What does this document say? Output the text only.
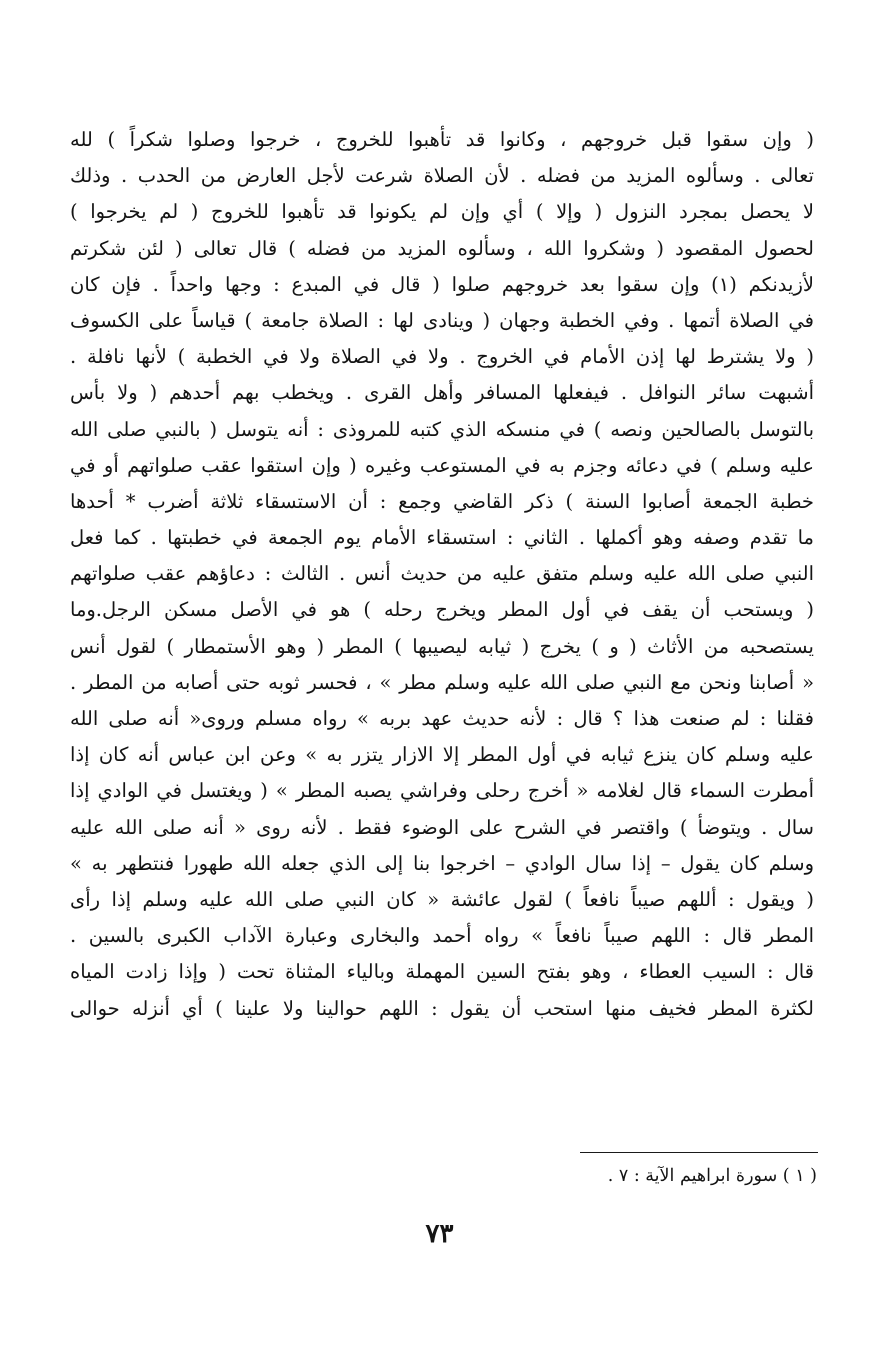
( وإن سقوا قبل خروجهم ، وكانوا قد تأهبوا للخروج ، خرجوا وصلوا شكراً ) لله
تعالى . وسألوه المزيد من فضله . لأن الصلاة شرعت لأجل العارض من الحدب . وذلك
لا يحصل بمجرد النزول ( وإلا ) أي وإن لم يكونوا قد تأهبوا للخروج ( لم يخرجوا )
لحصول المقصود ( وشكروا الله ، وسألوه المزيد من فضله ) قال تعالى ( لئن شكرتم
لأزيدنكم (١) وإن سقوا بعد خروجهم صلوا ( قال في المبدع : وجها واحداً . فإن كان
في الصلاة أتمها . وفي الخطبة وجهان ( وينادى لها : الصلاة جامعة ) قياساً على الكسوف
( ولا يشترط لها إذن الأمام في الخروج . ولا في الصلاة ولا في الخطبة ) لأنها نافلة .
أشبهت سائر النوافل . فيفعلها المسافر وأهل القرى . ويخطب بهم أحدهم ( ولا بأس
بالتوسل بالصالحين ونصه ) في منسكه الذي كتبه للمروذى : أنه يتوسل ( بالنبي صلى الله
عليه وسلم ) في دعائه وجزم به في المستوعب وغيره ( وإن استقوا عقب صلواتهم أو في
خطبة الجمعة أصابوا السنة ) ذكر القاضي وجمع : أن الاستسقاء ثلاثة أضرب * أحدها
ما تقدم وصفه وهو أكملها . الثاني : استسقاء الأمام يوم الجمعة في خطبتها . كما فعل
النبي صلى الله عليه وسلم متفق عليه من حديث أنس . الثالث : دعاؤهم عقب صلواتهم
( ويستحب أن يقف في أول المطر ويخرج رحله ) هو في الأصل مسكن الرجل.وما
يستصحبه من الأثاث ( و ) يخرج ( ثيابه ليصيبها ) المطر ( وهو الأستمطار ) لقول أنس
« أصابنا ونحن مع النبي صلى الله عليه وسلم مطر » ، فحسر ثوبه حتى أصابه من المطر .
فقلنا : لم صنعت هذا ؟ قال : لأنه حديث عهد بربه » رواه مسلم وروى« أنه صلى الله
عليه وسلم كان ينزع ثيابه في أول المطر إلا الازار يتزر به » وعن ابن عباس أنه كان إذا
أمطرت السماء قال لغلامه « أخرج رحلى وفراشي يصبه المطر » ( ويغتسل في الوادي إذا
سال . ويتوضأ ) واقتصر في الشرح على الوضوء فقط . لأنه روى « أنه صلى الله عليه
وسلم كان يقول – إذا سال الوادي – اخرجوا بنا إلى الذي جعله الله طهورا فنتطهر به »
( ويقول : أللهم صيباً نافعاً ) لقول عائشة « كان النبي صلى الله عليه وسلم إذا رأى
المطر قال : اللهم صيباً نافعاً » رواه أحمد والبخارى وعبارة الآداب الكبرى بالسين .
قال : السيب العطاء ، وهو بفتح السين المهملة وبالياء المثناة تحت ( وإذا زادت المياه
لكثرة المطر فخيف منها استحب أن يقول : اللهم حوالينا ولا علينا ) أي أنزله حوالى
( ١ ) سورة ابراهيم الآية : ٧ .
٧٣
